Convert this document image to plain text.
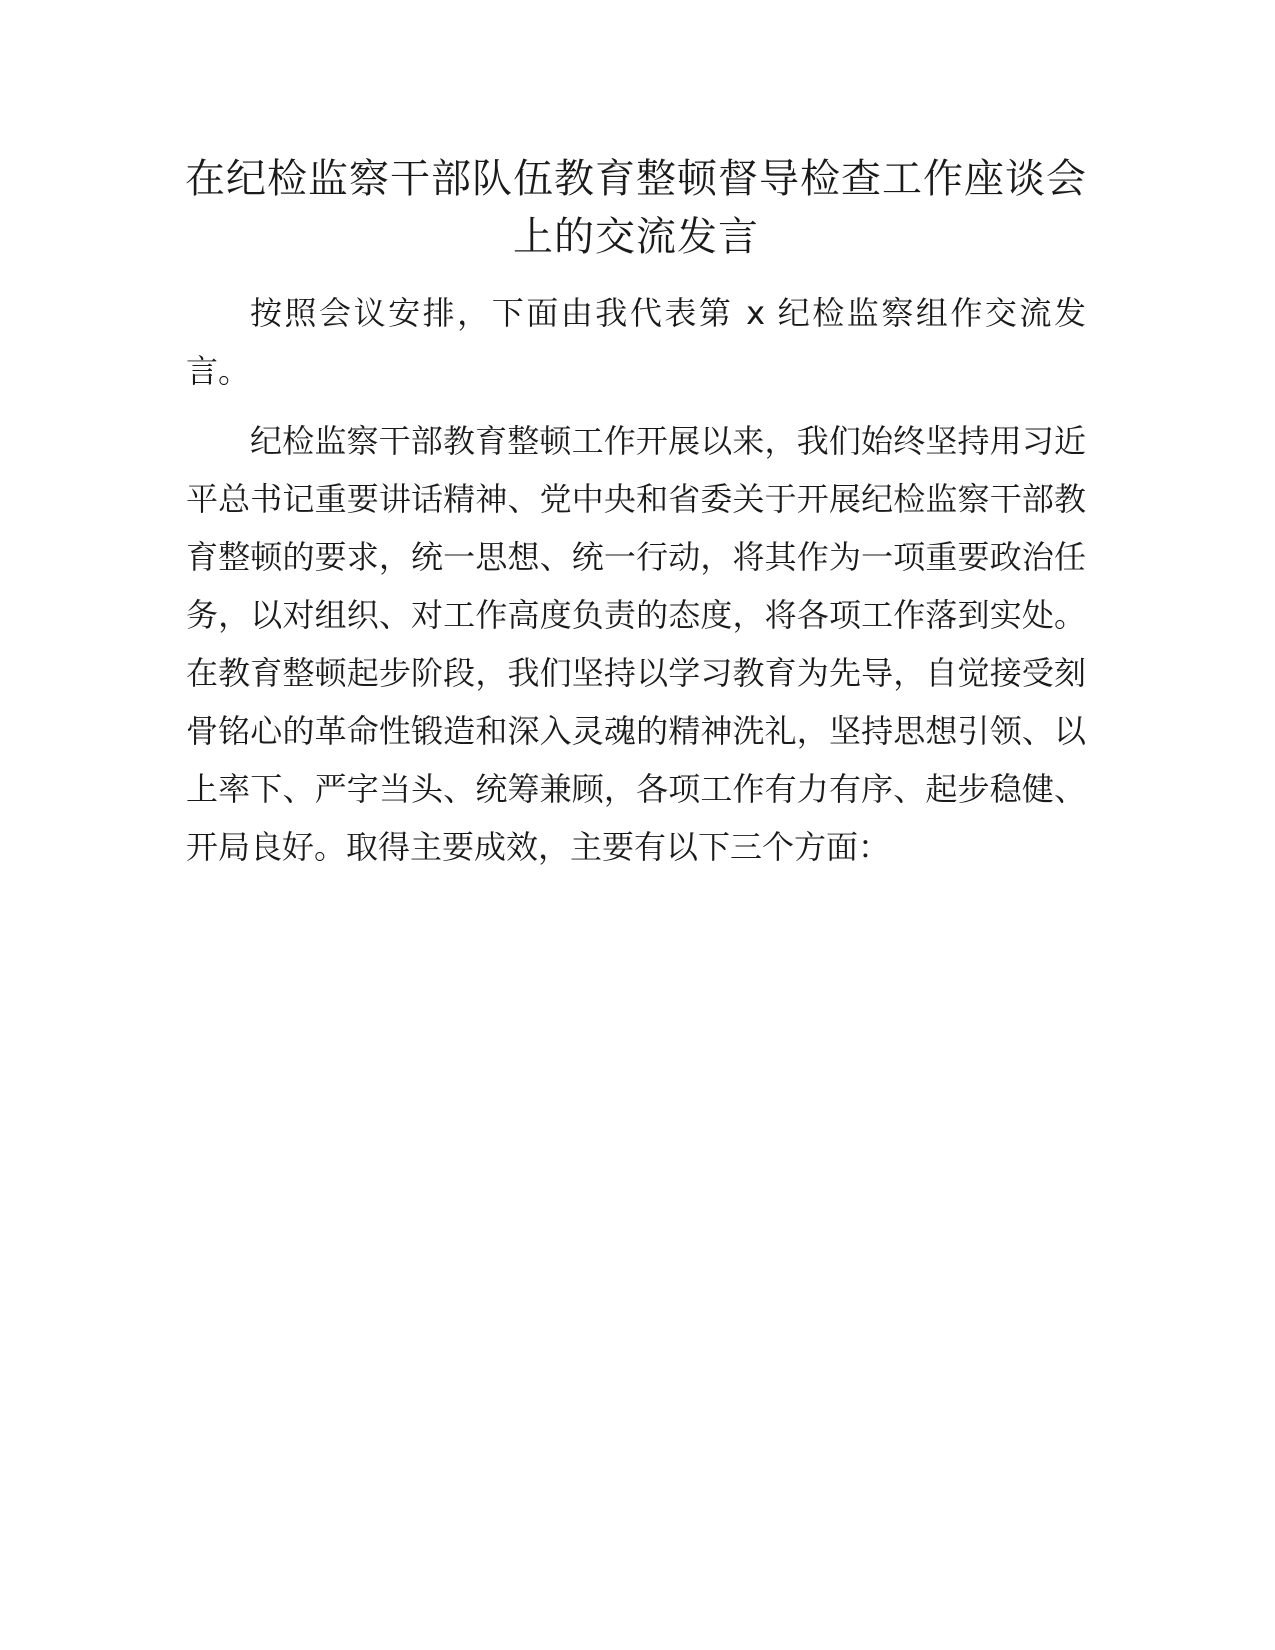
在纪检监察干部队伍教育整顿督导检查工作座谈会上的交流发言

按照会议安排，下面由我代表第 x 纪检监察组作交流发言。

纪检监察干部教育整顿工作开展以来，我们始终坚持用习近平总书记重要讲话精神、党中央和省委关于开展纪检监察干部教育整顿的要求，统一思想、统一行动，将其作为一项重要政治任务，以对组织、对工作高度负责的态度，将各项工作落到实处。在教育整顿起步阶段，我们坚持以学习教育为先导，自觉接受刻骨铭心的革命性锻造和深入灵魂的精神洗礼，坚持思想引领、以上率下、严字当头、统筹兼顾，各项工作有力有序、起步稳健、开局良好。取得主要成效，主要有以下三个方面：
